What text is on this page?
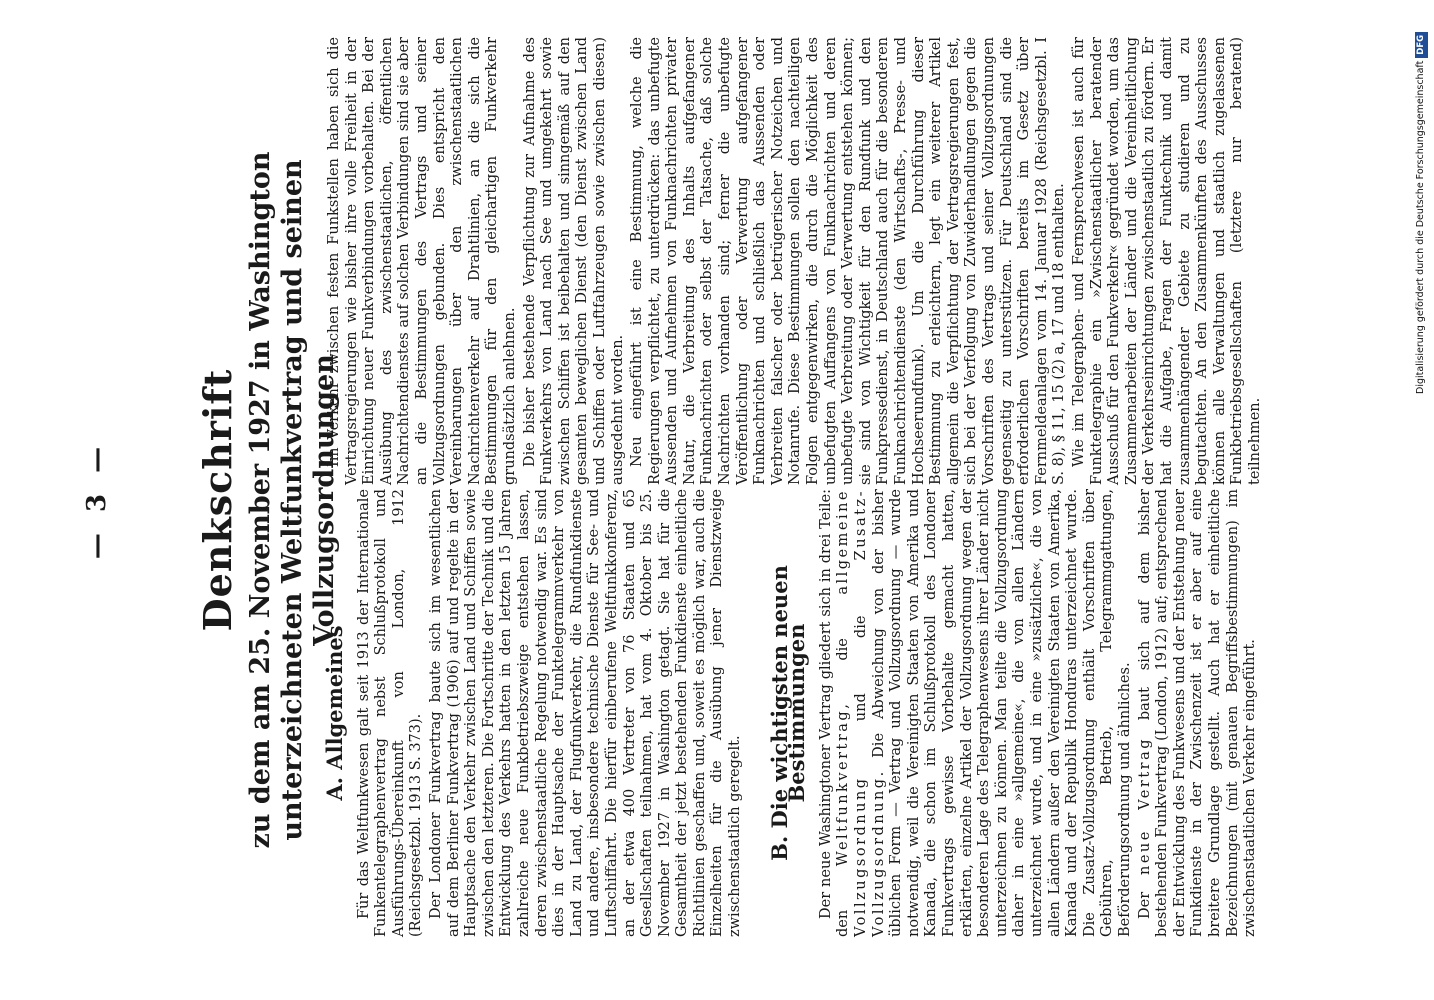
— 3 — Denkschrift zu dem am 25. November 1927 in Washington unterzeichneten Weltfunkvertrag und seinen Vollzugsordnungen
A. Allgemeines Für das Weltfunkwesen galt seit 1913 der Internationale Funkentelegraphenvertrag nebst Schlußprotokoll und Ausführungs-Übereinkunft von London, 1912 (Reichsgesetzbl. 1913 S. 373). Der Londoner Funkvertrag baute sich im wesentlichen auf dem Berliner Funkvertrag (1906) auf und regelte in der Hauptsache den Verkehr zwischen Land und Schiffen sowie zwischen den letzteren. Die Fortschritte der Technik und die Entwicklung des Verkehrs hatten in den letzten 15 Jahren zahlreiche neue Funkbetriebszweige entstehen lassen, deren zwischenstaatliche Regelung notwendig war. Es sind dies in der Hauptsache der Funktelegrammverkehr von Land zu Land, der Flugfunkverkehr, die Rundfunkdienste und andere, insbesondere technische Dienste für See- und Luftschiffahrt. Die hierfür einberufene Weltfunkkonferenz, an der etwa 400 Vertreter von 76 Staaten und 65 Gesellschaften teilnahmen, hat vom 4. Oktober bis 25. November 1927 in Washington getagt. Sie hat für die Gesamtheit der jetzt bestehenden Funkdienste einheitliche Richtlinien geschaffen und, soweit es möglich war, auch die Einzelheiten für die Ausübung jener Dienstzweige zwischenstaatlich geregelt. B. Die wichtigsten neuen Bestimmungen Der neue Washingtoner Vertrag gliedert sich in drei Teile: den Weltfunkvertrag, die allgemeine Vollzugsordnung und die Zusatz-Vollzugsordnung. Die Abweichung von der bisher üblichen Form — Vertrag und Vollzugsordnung — wurde notwendig, weil die Vereinigten Staaten von Amerika und Kanada, die schon im Schlußprotokoll des Londoner Funkvertrags gewisse Vorbehalte gemacht hatten, erklärten, einzelne Artikel der Vollzugsordnung wegen der besonderen Lage des Telegraphenwesens ihrer Länder nicht unterzeichnen zu können. Man teilte die Vollzugsordnung daher in eine »allgemeine«, die von allen Ländern unterzeichnet wurde, und in eine »zusätzliche«, die von allen Ländern außer den Vereinigten Staaten von Amerika, Kanada und der Republik Honduras unterzeichnet wurde. Die Zusatz-Vollzugsordnung enthält Vorschriften über Gebühren, Betrieb, Telegrammgattungen, Beförderungsordnung und ähnliches. Der neue Vertrag baut sich auf dem bisher bestehenden Funkvertrag (London, 1912) auf; entsprechend der Entwicklung des Funkwesens und der Entstehung neuer Funkdienste in der Zwischenzeit ist er aber auf eine breitere Grundlage gestellt. Auch hat er einheitliche Bezeichnungen (mit genauen Begriffsbestimmungen) im zwischenstaatlichen Verkehr eingeführt.

Im Verkehr zwischen festen Funkstellen haben sich die Vertragsregierungen wie bisher ihre volle Freiheit in der Einrichtung neuer Funkverbindungen vorbehalten. Bei der Ausübung des zwischenstaatlichen, öffentlichen Nachrichtendienstes auf solchen Verbindungen sind sie aber an die Bestimmungen des Vertrags und seiner Vollzugsordnungen gebunden. Dies entspricht den Vereinbarungen über den zwischenstaatlichen Nachrichtenverkehr auf Drahtlinien, an die sich die Bestimmungen für den gleichartigen Funkverkehr grundsätzlich anlehnen. Die bisher bestehende Verpflichtung zur Aufnahme des Funkverkehrs von Land nach See und umgekehrt sowie zwischen Schiffen ist beibehalten und sinngemäß auf den gesamten beweglichen Dienst (den Dienst zwischen Land und Schiffen oder Luftfahrzeugen sowie zwischen diesen) ausgedehnt worden. Neu eingeführt ist eine Bestimmung, welche die Regierungen verpflichtet, zu unterdrücken: das unbefugte Aussenden und Aufnehmen von Funknachrichten privater Natur, die Verbreitung des Inhalts aufgefangener Funknachrichten oder selbst der Tatsache, daß solche Nachrichten vorhanden sind; ferner die unbefugte Veröffentlichung oder Verwertung aufgefangener Funknachrichten und schließlich das Aussenden oder Verbreiten falscher oder betrügerischer Notzeichen und Notanrufe. Diese Bestimmungen sollen den nachteiligen Folgen entgegenwirken, die durch die Möglichkeit des unbefugten Auffangens von Funknachrichten und deren unbefugte Verbreitung oder Verwertung entstehen können; sie sind von Wichtigkeit für den Rundfunk und den Funkpressedienst, in Deutschland auch für die besonderen Funknachrichtendienste (den Wirtschafts-, Presse- und Hochseerundfunk). Um die Durchführung dieser Bestimmung zu erleichtern, legt ein weiterer Artikel allgemein die Verpflichtung der Vertragsregierungen fest, sich bei der Verfolgung von Zuwiderhandlungen gegen die Vorschriften des Vertrags und seiner Vollzugsordnungen gegenseitig zu unterstützen. Für Deutschland sind die erforderlichen Vorschriften bereits im Gesetz über Fernmeldeanlagen vom 14. Januar 1928 (Reichsgesetzbl. I S. 8), § 11, 15 (2) a, 17 und 18 enthalten. Wie im Telegraphen- und Fernsprechwesen ist auch für Funktelegraphie ein »Zwischenstaatlicher beratender Ausschuß für den Funkverkehr« gegründet worden, um das Zusammenarbeiten der Länder und die Vereinheitlichung der Verkehrseinrichtungen zwischenstaatlich zu fördern. Er hat die Aufgabe, Fragen der Funktechnik und damit zusammenhängender Gebiete zu studieren und zu begutachten. An den Zusammenkünften des Ausschusses können alle Verwaltungen und staatlich zugelassenen Funkbetriebsgesellschaften (letztere nur beratend) teilnehmen.

Digitalisierung gefördert durch die Deutsche Forschungsgemeinschaft
DFG
